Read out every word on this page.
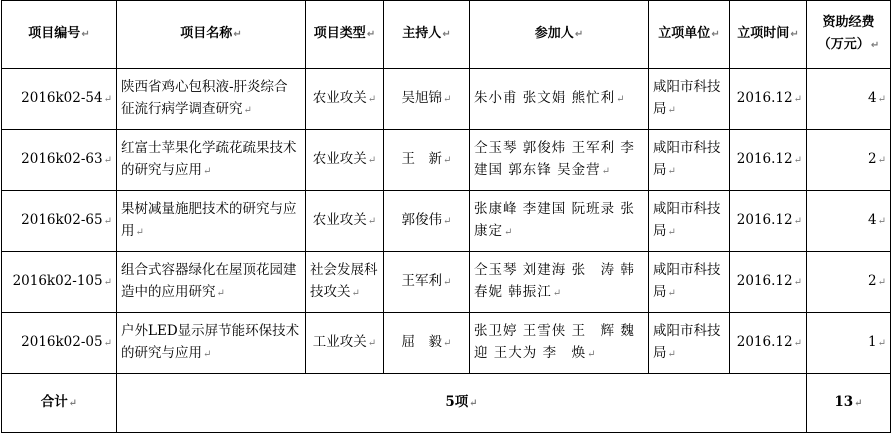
项目编号↵	项目名称↵	项目类型↵	主持人↵	参加人↵	立项单位↵	立项时间↵	资助经费（万元）↵
2016k02-54↵	陕西省鸡心包积液-肝炎综合征流行病学调查研究↵	农业攻关↵	吴旭锦↵	朱小甫 张文娟 熊忙利↵	咸阳市科技局↵	2016.12↵	4↵
2016k02-63↵	红富士苹果化学疏花疏果技术的研究与应用↵	农业攻关↵	王　新↵	仝玉琴 郭俊炜 王军利 李建国 郭东锋 吴金营↵	咸阳市科技局↵	2016.12↵	2↵
2016k02-65↵	果树减量施肥技术的研究与应用↵	农业攻关↵	郭俊伟↵	张康峰 李建国 阮班录 张康定↵	咸阳市科技局↵	2016.12↵	4↵
2016k02-105↵	组合式容器绿化在屋顶花园建造中的应用研究↵	社会发展科技攻关↵	王军利↵	仝玉琴 刘建海 张　涛 韩春妮 韩振江↵	咸阳市科技局↵	2016.12↵	2↵
2016k02-05↵	户外LED显示屏节能环保技术的研究与应用↵	工业攻关↵	屈　毅↵	张卫婷 王雪侠 王　辉 魏　迎 王大为 李　焕↵	咸阳市科技局↵	2016.12↵	1↵
合计↵	5项↵						13↵
